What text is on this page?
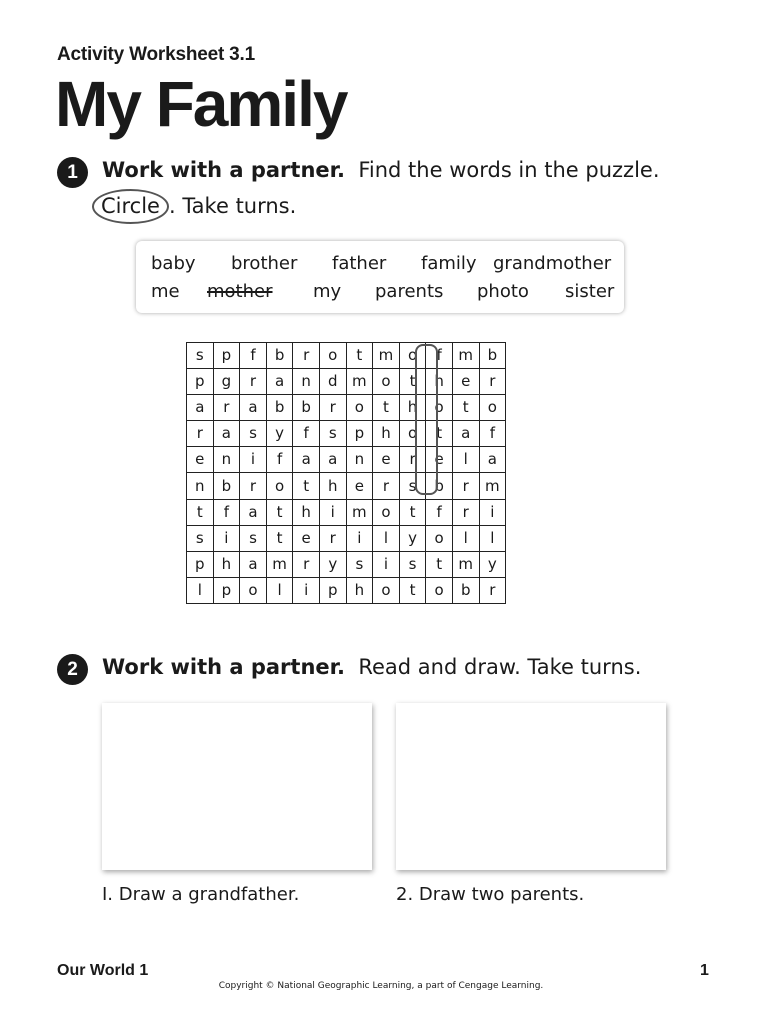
Activity Worksheet 3.1
My Family
1	Work with a partner. Find the words in the puzzle.
Circle . Take turns.
baby brother father family grandmother
me mother my parents photo sister
s	p	f	b	r	o	t	m	o	f	m	b
p	g	r	a	n	d	m	o	t	h	e	r
a	r	a	b	b	r	o	t	h	o	t	o
r	a	s	y	f	s	p	h	o	t	a	f
e	n	i	f	a	a	n	e	r	e	l	a
n	b	r	o	t	h	e	r	s	b	r	m
t	f	a	t	h	i	m	o	t	f	r	i
s	i	s	t	e	r	i	l	y	o	l	l
p	h	a	m	r	y	s	i	s	t	m	y
l	p	o	l	i	p	h	o	t	o	b	r
2	Work with a partner. Read and draw. Take turns.
I. Draw a grandfather.	2. Draw two parents.
Our World 1	1
Copyright © National Geographic Learning, a part of Cengage Learning.
